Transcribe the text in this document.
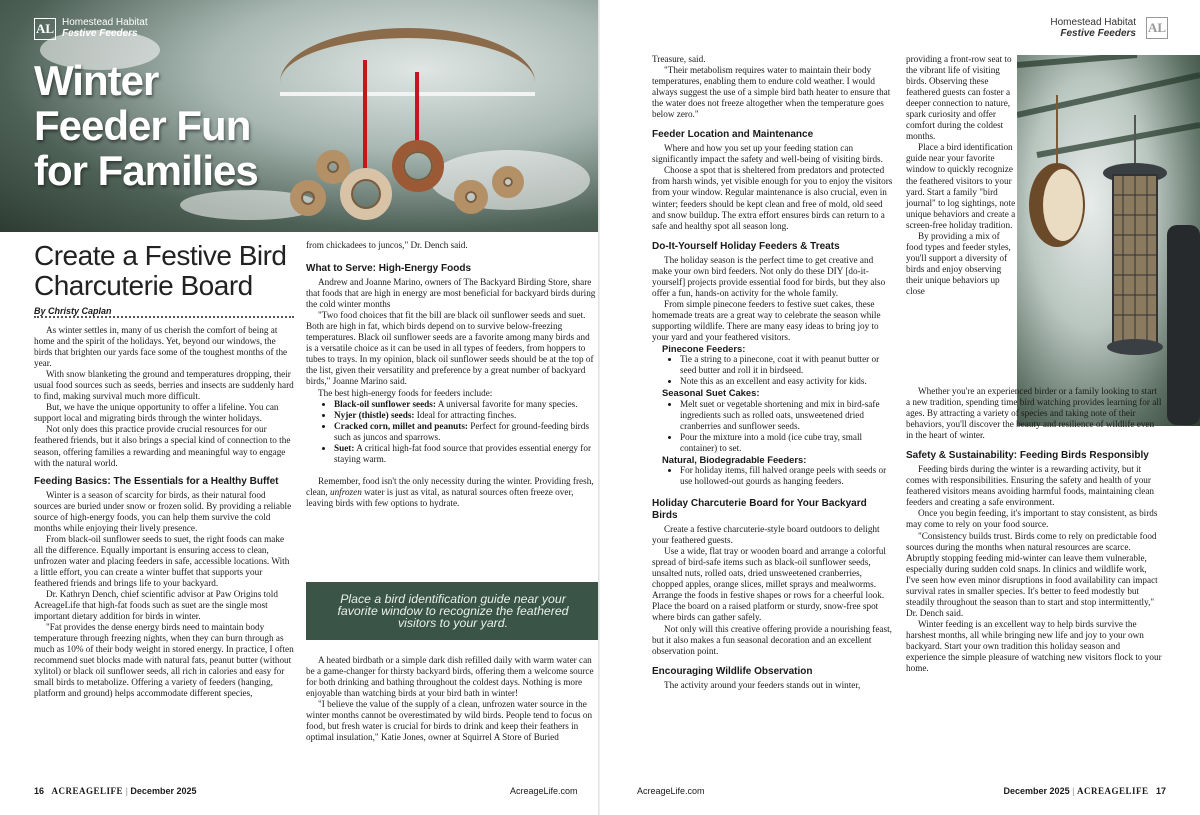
AL Homestead Habitat
Festive Feeders
Winter Feeder Fun for Families
Create a Festive Bird Charcuterie Board
By Christy Caplan

As winter settles in, many of us cherish the comfort of being at home and the spirit of the holidays. Yet, beyond our windows, the birds that brighten our yards face some of the toughest months of the year.

With snow blanketing the ground and temperatures dropping, their usual food sources such as seeds, berries and insects are suddenly hard to find, making survival much more difficult.

But, we have the unique opportunity to offer a lifeline. You can support local and migrating birds through the winter holidays.

Not only does this practice provide crucial resources for our feathered friends, but it also brings a special kind of connection to the season, offering families a rewarding and meaningful way to engage with the natural world.

Feeding Basics: The Essentials for a Healthy Buffet

Winter is a season of scarcity for birds, as their natural food sources are buried under snow or frozen solid. By providing a reliable source of high-energy foods, you can help them survive the cold months while enjoying their lively presence.

From black-oil sunflower seeds to suet, the right foods can make all the difference. Equally important is ensuring access to clean, unfrozen water and placing feeders in safe, accessible locations. With a little effort, you can create a winter buffet that supports your feathered friends and brings life to your backyard.

Dr. Kathryn Dench, chief scientific advisor at Paw Origins told AcreageLife that high-fat foods such as suet are the single most important dietary addition for birds in winter.

"Fat provides the dense energy birds need to maintain body temperature through freezing nights, when they can burn through as much as 10% of their body weight in stored energy. In practice, I often recommend suet blocks made with natural fats, peanut butter (without xylitol) or black oil sunflower seeds, all rich in calories and easy for small birds to metabolize. Offering a variety of feeders (hanging, platform and ground) helps accommodate different species,

from chickadees to juncos," Dr. Dench said.

What to Serve: High-Energy Foods

Andrew and Joanne Marino, owners of The Backyard Birding Store, share that foods that are high in energy are most beneficial for backyard birds during the cold winter months

"Two food choices that fit the bill are black oil sunflower seeds and suet. Both are high in fat, which birds depend on to survive below-freezing temperatures. Black oil sunflower seeds are a favorite among many birds and is a versatile choice as it can be used in all types of feeders, from hoppers to tubes to trays. In my opinion, black oil sunflower seeds should be at the top of the list, given their versatility and preference by a great number of backyard birds," Joanne Marino said.

The best high-energy foods for feeders include:

• Black-oil sunflower seeds: A universal favorite for many species.
• Nyjer (thistle) seeds: Ideal for attracting finches.
• Cracked corn, millet and peanuts: Perfect for ground-feeding birds such as juncos and sparrows.
• Suet: A critical high-fat food source that provides essential energy for staying warm.

Remember, food isn't the only necessity during the winter. Providing fresh, clean, unfrozen water is just as vital, as natural sources often freeze over, leaving birds with few options to hydrate.

Place a bird identification guide near your favorite window to recognize the feathered visitors to your yard.

A heated birdbath or a simple dark dish refilled daily with warm water can be a game-changer for thirsty backyard birds, offering them a welcome source for both drinking and bathing throughout the coldest days. Nothing is more enjoyable than watching birds at your bird bath in winter!

"I believe the value of the supply of a clean, unfrozen water source in the winter months cannot be overestimated by wild birds. People tend to focus on food, but fresh water is crucial for birds to drink and keep their feathers in optimal insulation," Katie Jones, owner at Squirrel A Store of Buried

16 ACREAGELIFE | December 2025	AcreageLife.com
Homestead Habitat
Festive Feeders AL

Treasure, said.

"Their metabolism requires water to maintain their body temperatures, enabling them to endure cold weather. I would always suggest the use of a simple bird bath heater to ensure that the water does not freeze altogether when the temperature goes below zero."

Feeder Location and Maintenance

Where and how you set up your feeding station can significantly impact the safety and well-being of visiting birds.

Choose a spot that is sheltered from predators and protected from harsh winds, yet visible enough for you to enjoy the visitors from your window. Regular maintenance is also crucial, even in winter; feeders should be kept clean and free of mold, old seed and snow buildup. The extra effort ensures birds can return to a safe and healthy spot all season long.

Do-It-Yourself Holiday Feeders & Treats

The holiday season is the perfect time to get creative and make your own bird feeders. Not only do these DIY [do-it-yourself] projects provide essential food for birds, but they also offer a fun, hands-on activity for the whole family.

From simple pinecone feeders to festive suet cakes, these homemade treats are a great way to celebrate the season while supporting wildlife. There are many easy ideas to bring joy to your yard and your feathered visitors.

Pinecone Feeders:
• Tie a string to a pinecone, coat it with peanut butter or seed butter and roll it in birdseed.
• Note this as an excellent and easy activity for kids.
Seasonal Suet Cakes:
• Melt suet or vegetable shortening and mix in bird-safe ingredients such as rolled oats, unsweetened dried cranberries and sunflower seeds.
• Pour the mixture into a mold (ice cube tray, small container) to set.
Natural, Biodegradable Feeders:
• For holiday items, fill halved orange peels with seeds or use hollowed-out gourds as hanging feeders.
Holiday Charcuterie Board for Your Backyard Birds

Create a festive charcuterie-style board outdoors to delight your feathered guests.

Use a wide, flat tray or wooden board and arrange a colorful spread of bird-safe items such as black-oil sunflower seeds, unsalted nuts, rolled oats, dried unsweetened cranberries, chopped apples, orange slices, millet sprays and mealworms. Arrange the foods in festive shapes or rows for a cheerful look. Place the board on a raised platform or sturdy, snow-free spot where birds can gather safely.

Not only will this creative offering provide a nourishing feast, but it also makes a fun seasonal decoration and an excellent observation point.

Encouraging Wildlife Observation

The activity around your feeders stands out in winter,

providing a front-row seat to the vibrant life of visiting birds. Observing these feathered guests can foster a deeper connection to nature, spark curiosity and offer comfort during the coldest months.

Place a bird identification guide near your favorite window to quickly recognize the feathered visitors to your yard. Start a family "bird journal" to log sightings, note unique behaviors and create a screen-free holiday tradition.

By providing a mix of food types and feeder styles, you'll support a diversity of birds and enjoy observing their unique behaviors up close

Whether you're an experienced birder or a family looking to start a new tradition, spending time bird watching provides learning for all ages. By attracting a variety of species and taking note of their behaviors, you'll discover the beauty and resilience of wildlife even in the heart of winter.

Safety & Sustainability: Feeding Birds Responsibly

Feeding birds during the winter is a rewarding activity, but it comes with responsibilities. Ensuring the safety and health of your feathered visitors means avoiding harmful foods, maintaining clean feeders and creating a safe environment.

Once you begin feeding, it's important to stay consistent, as birds may come to rely on your food source.

"Consistency builds trust. Birds come to rely on predictable food sources during the months when natural resources are scarce. Abruptly stopping feeding mid-winter can leave them vulnerable, especially during sudden cold snaps. In clinics and wildlife work, I've seen how even minor disruptions in food availability can impact survival rates in smaller species. It's better to feed modestly but steadily throughout the season than to start and stop intermittently," Dr. Dench said.

Winter feeding is an excellent way to help birds survive the harshest months, all while bringing new life and joy to your own backyard. Start your own tradition this holiday season and experience the simple pleasure of watching new visitors flock to your home.

AcreageLife.com	December 2025 | ACREAGELIFE 17
